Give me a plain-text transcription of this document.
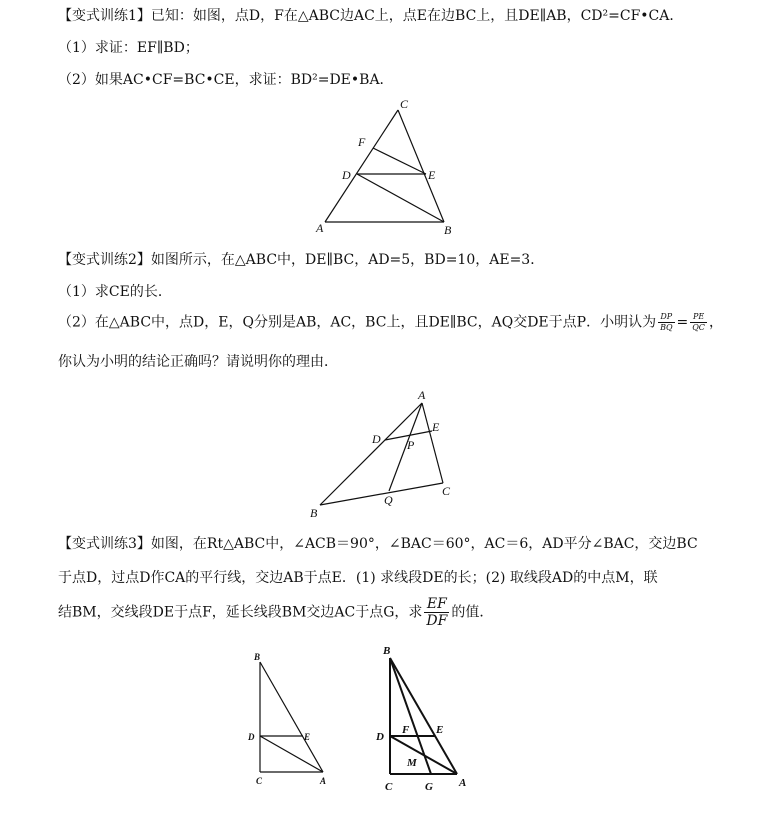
【变式训练1】已知：如图，点D，F在△ABC边AC上，点E在边BC上，且DE∥AB，CD²=CF•CA．
（1）求证：EF∥BD；
（2）如果AC•CF=BC•CE，求证：BD²=DE•BA．
C
F
D	E
A	B
【变式训练2】如图所示，在△ABC中，DE∥BC，AD=5，BD=10，AE=3．
（1）求CE的长．
（2）在△ABC中，点D，E，Q分别是AB，AC，BC上，且DE∥BC，AQ交DE于点P．小明认为 $\frac{DP}{BQ} = \frac{PE}{QC}$ ，
你认为小明的结论正确吗？请说明你的理由．
A
D
E
P
B
Q
C
【变式训练3】如图，在Rt△ABC中，∠ACB＝90°，∠BAC＝60°，AC＝6，AD平分∠BAC，交边BC
于点D，过点D作CA的平行线，交边AB于点E．(1) 求线段DE的长；(2) 取线段AD的中点M，联
结BM，交线段DE于点F，延长线段BM交边AC于点G，求 $\frac{EF}{DF}$ 的值．
B
D	E
C	A
B
D
F E
M
C	G A
